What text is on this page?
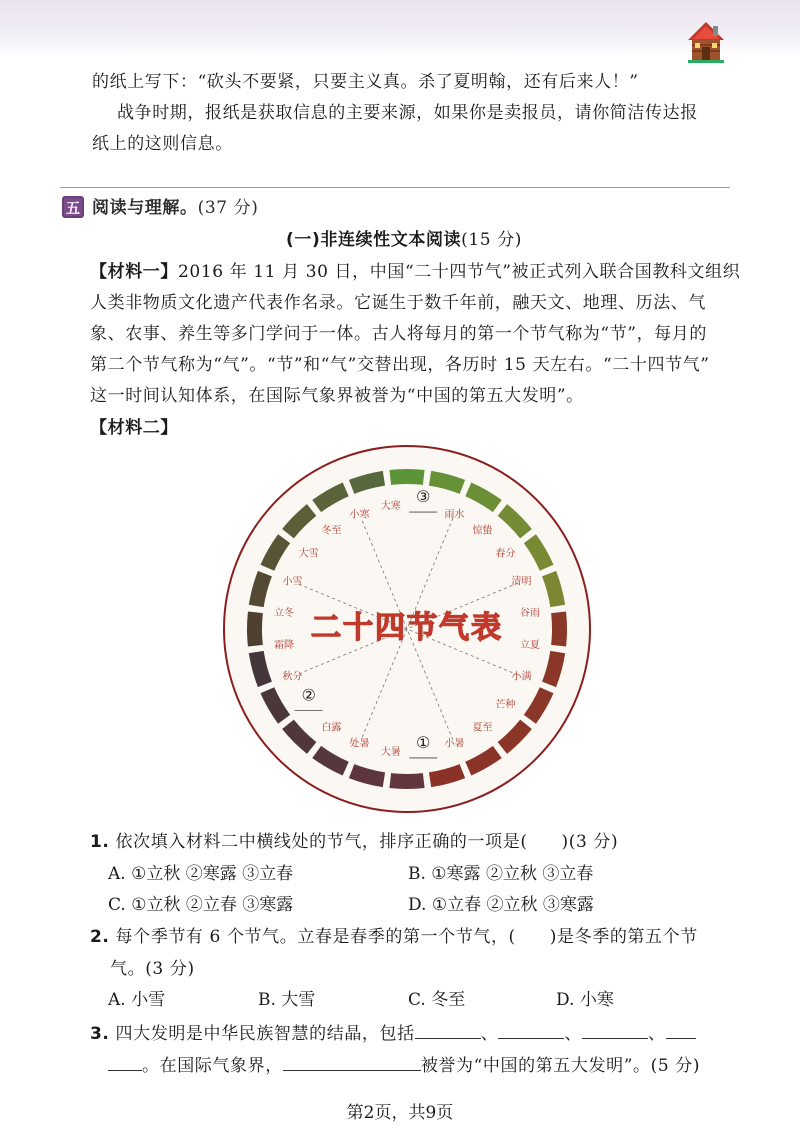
的纸上写下：“砍头不要紧，只要主义真。杀了夏明翰，还有后来人！”
战争时期，报纸是获取信息的主要来源，如果你是卖报员，请你简洁传达报
纸上的这则信息。
五 阅读与理解。(37 分)
(一)非连续性文本阅读(15 分)
【材料一】2016 年 11 月 30 日，中国“二十四节气”被正式列入联合国教科文组织
人类非物质文化遗产代表作名录。它诞生于数千年前，融天文、地理、历法、气
象、农事、养生等多门学问于一体。古人将每月的第一个节气称为“节”，每月的
第二个节气称为“气”。“节”和“气”交替出现，各历时 15 天左右。“二十四节气”
这一时间认知体系，在国际气象界被誉为“中国的第五大发明”。
【材料二】
大寒
雨水
惊蛰
春分
清明
谷雨
立夏
小满
芒种
夏至
小暑
大暑
处暑
白露
秋分
霜降
立冬
小雪
大雪
冬至
小寒
③
①
②
二十四节气表
1. 依次填入材料二中横线处的节气，排序正确的一项是( )(3 分)
A. ①立秋 ②寒露 ③立春	B. ①寒露 ②立秋 ③立春
C. ①立秋 ②立春 ③寒露	D. ①立春 ②立秋 ③寒露
2. 每个季节有 6 个节气。立春是春季的第一个节气，( )是冬季的第五个节
气。(3 分)
A. 小雪	B. 大雪	C. 冬至	D. 小寒
3. 四大发明是中华民族智慧的结晶，包括	、	、	、
。在国际气象界，	被誉为“中国的第五大发明”。(5 分)
第2页，共9页
